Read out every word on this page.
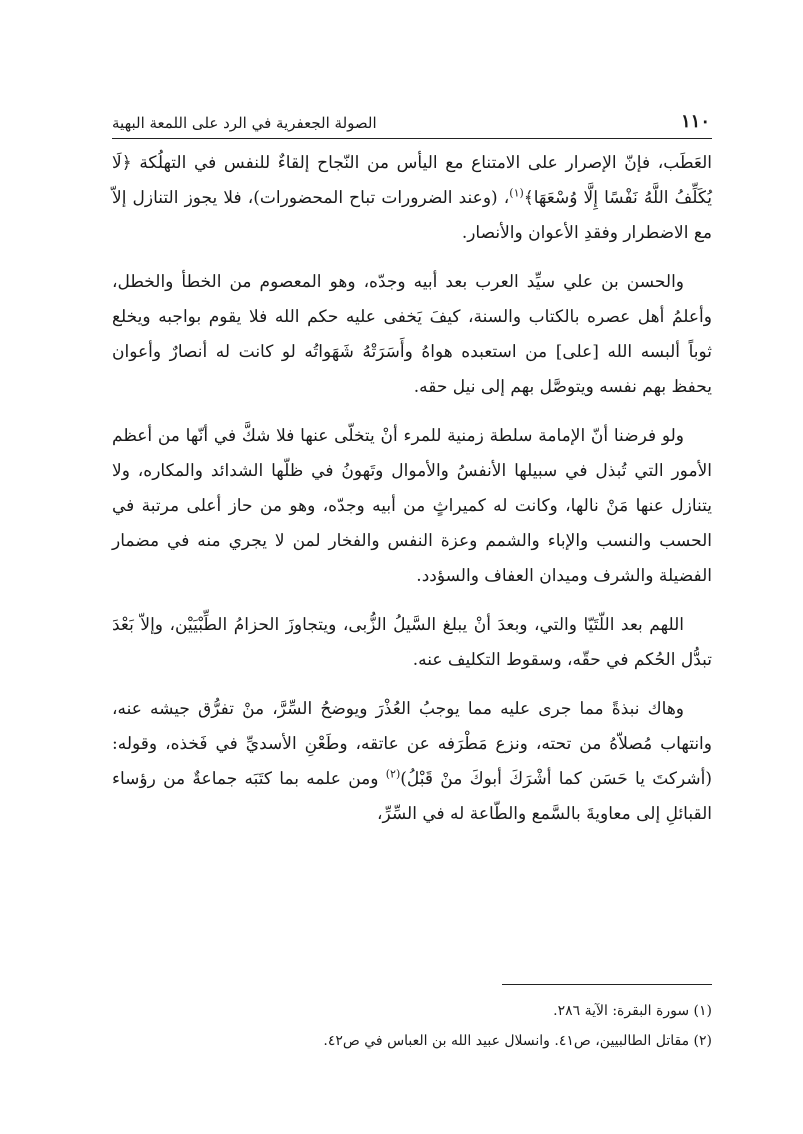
١١٠
الصولة الجعفرية في الرد على اللمعة البهية

العَطَب، فإنّ الإصرار على الامتناع مع اليأس من النّجاح إلقاءٌ للنفس في التهلُكة ﴿لَا يُكَلِّفُ اللَّهُ نَفْسًا إِلَّا وُسْعَهَا﴾$^{(١)}$، (وعند الضرورات تباح المحضورات)، فلا يجوز التنازل إلاّ مع الاضطرار وفقدِ الأعوان والأنصار.

والحسن بن علي سيِّد العرب بعد أبيه وجدّه، وهو المعصوم من الخطأ والخطل، وأعلمُ أهل عصره بالكتاب والسنة، كيفَ يَخفى عليه حكم الله فلا يقوم بواجبه ويخلع ثوباً ألبسه الله [على] من استعبده هواهُ وأَسَرَتْهُ شَهَواتُه لو كانت له أنصارٌ وأعوان يحفظ بهم نفسه ويتوصَّل بهم إلى نيل حقه.

ولو فرضنا أنّ الإمامة سلطة زمنية للمرء أنْ يتخلّى عنها فلا شكَّ في أنّها من أعظم الأمور التي تُبذل في سبيلها الأنفسُ والأموال وتَهونُ في ظلّها الشدائد والمكاره، ولا يتنازل عنها مَنْ نالها، وكانت له كميراثٍ من أبيه وجدّه، وهو من حاز أعلى مرتبة في الحسب والنسب والإباء والشمم وعزة النفس والفخار لمن لا يجري منه في مضمار الفضيلة والشرف وميدان العفاف والسؤدد.

اللهم بعد اللّتَيّا والتي، وبعدَ أنْ يبلغ السَّيلُ الزُّبى، ويتجاوزَ الحزامُ الطِّبْيَيْن، وإلاّ بَعْدَ تبدُّل الحُكم في حقّه، وسقوط التكليف عنه.

وهاك نبذةً مما جرى عليه مما يوجبُ العُذْرَ ويوضحُ السِّرَّ، منْ تفرُّق جيشه عنه، وانتهاب مُصلاّهُ من تحته، ونزع مَطْرَفه عن عاتقه، وطَعْنِ الأسديِّ في فَخذه، وقوله: (أشركتَ يا حَسَن كما أشْرَكَ أبوكَ منْ قَبْلُ)$^{(٢)}$ ومن علمه بما كتَبَه جماعةٌ من رؤساء القبائلِ إلى معاويةَ بالسَّمع والطّاعة له في السِّرِّ،

(١) سورة البقرة: الآية ٢٨٦.

(٢) مقاتل الطالبيين، ص٤١. وانسلال عبيد الله بن العباس في ص٤٢.
